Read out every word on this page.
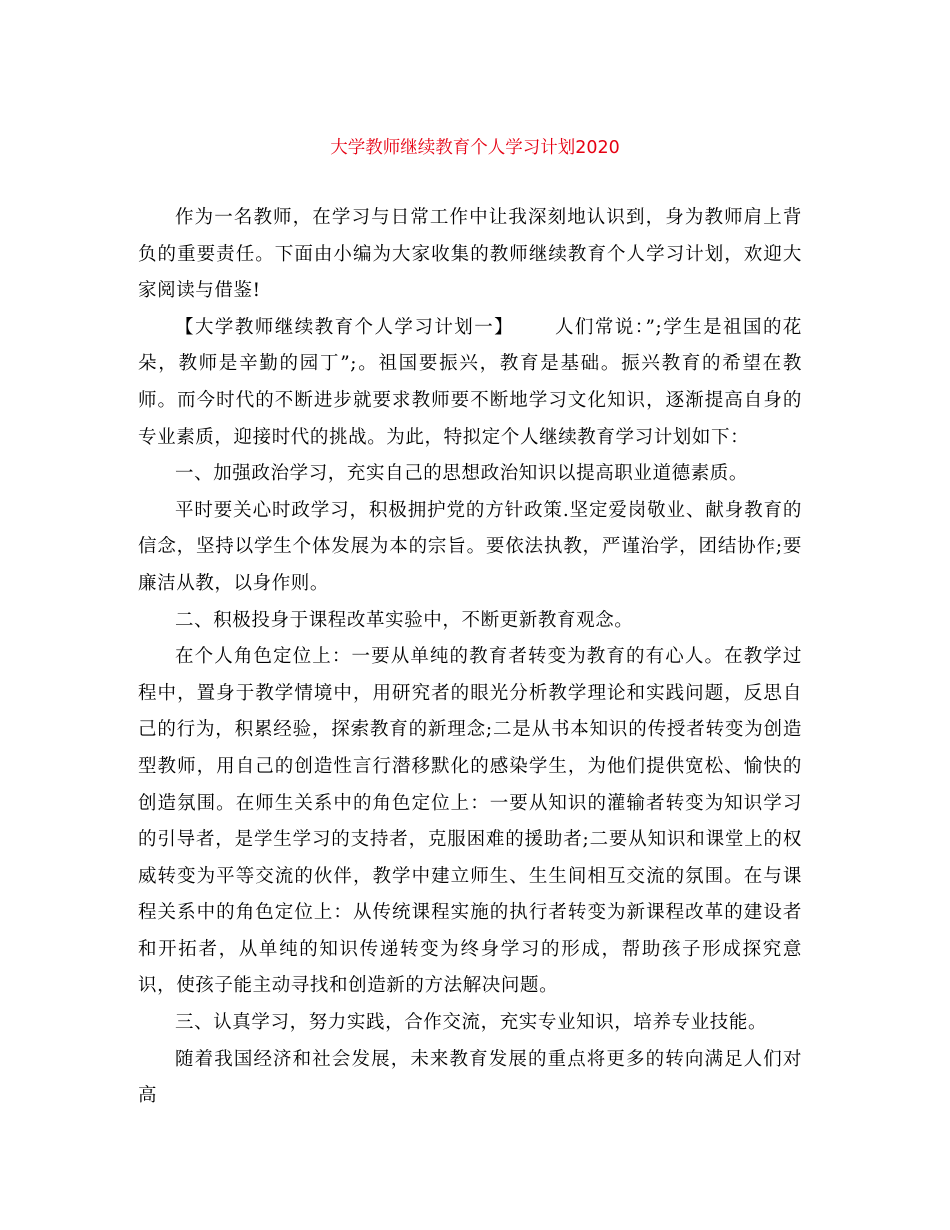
大学教师继续教育个人学习计划2020

作为一名教师，在学习与日常工作中让我深刻地认识到，身为教师肩上背负的重要责任。下面由小编为大家收集的教师继续教育个人学习计划，欢迎大家阅读与借鉴!

【大学教师继续教育个人学习计划一】 人们常说：”;学生是祖国的花朵，教师是辛勤的园丁”;。祖国要振兴，教育是基础。振兴教育的希望在教师。而今时代的不断进步就要求教师要不断地学习文化知识，逐渐提高自身的专业素质，迎接时代的挑战。为此，特拟定个人继续教育学习计划如下：

一、加强政治学习，充实自己的思想政治知识以提高职业道德素质。

平时要关心时政学习，积极拥护党的方针政策.坚定爱岗敬业、献身教育的信念，坚持以学生个体发展为本的宗旨。要依法执教，严谨治学，团结协作;要廉洁从教，以身作则。

二、积极投身于课程改革实验中，不断更新教育观念。

在个人角色定位上：一要从单纯的教育者转变为教育的有心人。在教学过程中，置身于教学情境中，用研究者的眼光分析教学理论和实践问题，反思自己的行为，积累经验，探索教育的新理念;二是从书本知识的传授者转变为创造型教师，用自己的创造性言行潜移默化的感染学生，为他们提供宽松、愉快的创造氛围。在师生关系中的角色定位上：一要从知识的灌输者转变为知识学习的引导者，是学生学习的支持者，克服困难的援助者;二要从知识和课堂上的权威转变为平等交流的伙伴，教学中建立师生、生生间相互交流的氛围。在与课程关系中的角色定位上：从传统课程实施的执行者转变为新课程改革的建设者和开拓者，从单纯的知识传递转变为终身学习的形成，帮助孩子形成探究意识，使孩子能主动寻找和创造新的方法解决问题。

三、认真学习，努力实践，合作交流，充实专业知识，培养专业技能。

随着我国经济和社会发展，未来教育发展的重点将更多的转向满足人们对高
